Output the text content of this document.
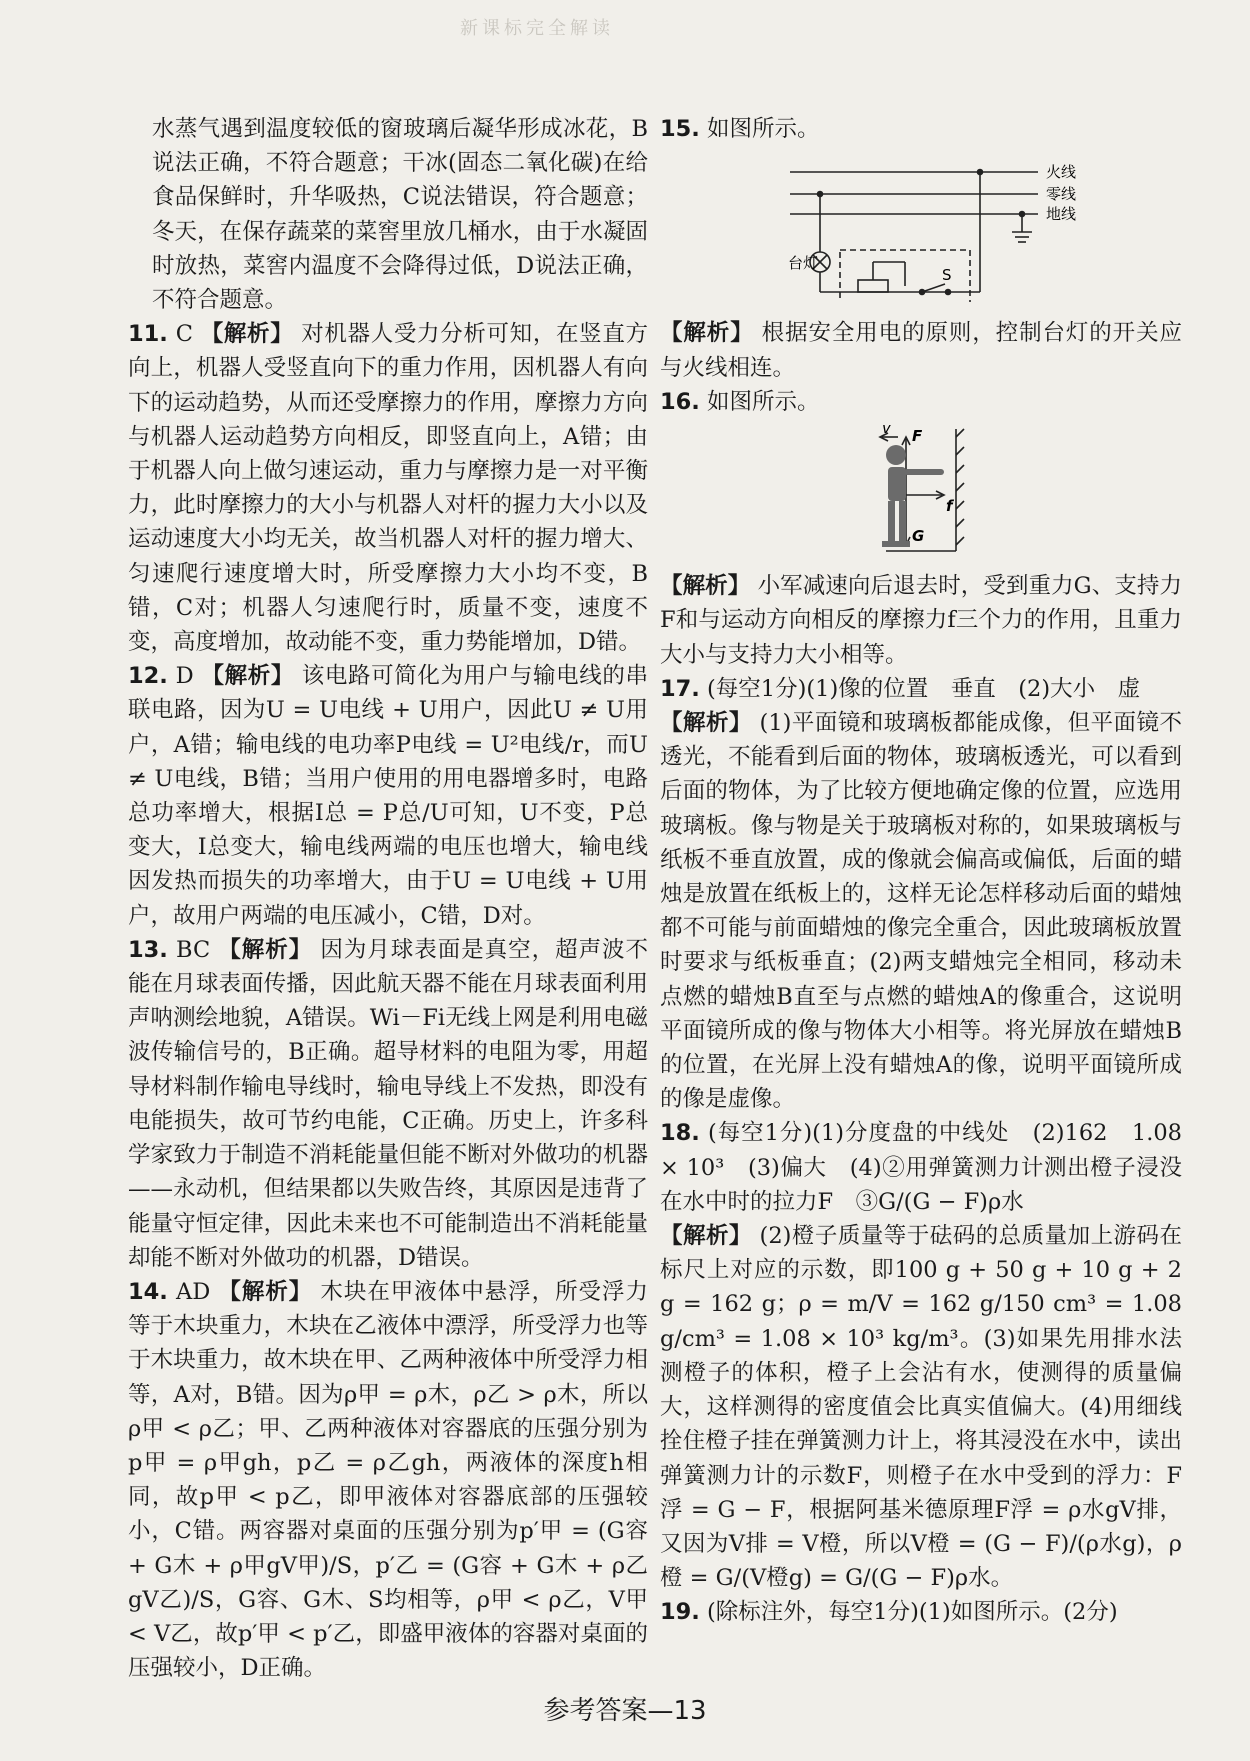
新课标完全解读

水蒸气遇到温度较低的窗玻璃后凝华形成冰花，B说法正确，不符合题意；干冰(固态二氧化碳)在给食品保鲜时，升华吸热，C说法错误，符合题意；冬天，在保存蔬菜的菜窖里放几桶水，由于水凝固时放热，菜窖内温度不会降得过低，D说法正确，不符合题意。

11. C 【解析】 对机器人受力分析可知，在竖直方向上，机器人受竖直向下的重力作用，因机器人有向下的运动趋势，从而还受摩擦力的作用，摩擦力方向与机器人运动趋势方向相反，即竖直向上，A错；由于机器人向上做匀速运动，重力与摩擦力是一对平衡力，此时摩擦力的大小与机器人对杆的握力大小以及运动速度大小均无关，故当机器人对杆的握力增大、匀速爬行速度增大时，所受摩擦力大小均不变，B错，C对；机器人匀速爬行时，质量不变，速度不变，高度增加，故动能不变，重力势能增加，D错。

12. D 【解析】 该电路可简化为用户与输电线的串联电路，因为U = U电线 + U用户，因此U ≠ U用户，A错；输电线的电功率P电线 = U²电线/r，而U ≠ U电线，B错；当用户使用的用电器增多时，电路总功率增大，根据I总 = P总/U可知，U不变，P总变大，I总变大，输电线两端的电压也增大，输电线因发热而损失的功率增大，由于U = U电线 + U用户，故用户两端的电压减小，C错，D对。

13. BC 【解析】 因为月球表面是真空，超声波不能在月球表面传播，因此航天器不能在月球表面利用声呐测绘地貌，A错误。Wi－Fi无线上网是利用电磁波传输信号的，B正确。超导材料的电阻为零，用超导材料制作输电导线时，输电导线上不发热，即没有电能损失，故可节约电能，C正确。历史上，许多科学家致力于制造不消耗能量但能不断对外做功的机器——永动机，但结果都以失败告终，其原因是违背了能量守恒定律，因此未来也不可能制造出不消耗能量却能不断对外做功的机器，D错误。

14. AD 【解析】 木块在甲液体中悬浮，所受浮力等于木块重力，木块在乙液体中漂浮，所受浮力也等于木块重力，故木块在甲、乙两种液体中所受浮力相等，A对，B错。因为ρ甲 = ρ木，ρ乙 > ρ木，所以ρ甲 < ρ乙；甲、乙两种液体对容器底的压强分别为p甲 = ρ甲gh，p乙 = ρ乙gh，两液体的深度h相同，故p甲 < p乙，即甲液体对容器底部的压强较小，C错。两容器对桌面的压强分别为p′甲 = (G容 + G木 + ρ甲gV甲)/S，p′乙 = (G容 + G木 + ρ乙gV乙)/S，G容、G木、S均相等，ρ甲 < ρ乙，V甲 < V乙，故p′甲 < p′乙，即盛甲液体的容器对桌面的压强较小，D正确。

15. 如图所示。

火线
零线
地线
台灯
S

【解析】 根据安全用电的原则，控制台灯的开关应与火线相连。

16. 如图所示。

v F
f
G

【解析】 小军减速向后退去时，受到重力G、支持力F和与运动方向相反的摩擦力f三个力的作用，且重力大小与支持力大小相等。

17. (每空1分)(1)像的位置　垂直　(2)大小　虚

【解析】 (1)平面镜和玻璃板都能成像，但平面镜不透光，不能看到后面的物体，玻璃板透光，可以看到后面的物体，为了比较方便地确定像的位置，应选用玻璃板。像与物是关于玻璃板对称的，如果玻璃板与纸板不垂直放置，成的像就会偏高或偏低，后面的蜡烛是放置在纸板上的，这样无论怎样移动后面的蜡烛都不可能与前面蜡烛的像完全重合，因此玻璃板放置时要求与纸板垂直；(2)两支蜡烛完全相同，移动未点燃的蜡烛B直至与点燃的蜡烛A的像重合，这说明平面镜所成的像与物体大小相等。将光屏放在蜡烛B的位置，在光屏上没有蜡烛A的像，说明平面镜所成的像是虚像。

18. (每空1分)(1)分度盘的中线处　(2)162　1.08 × 10³　(3)偏大　(4)②用弹簧测力计测出橙子浸没在水中时的拉力F　③G/(G − F)ρ水

【解析】 (2)橙子质量等于砝码的总质量加上游码在标尺上对应的示数，即100 g + 50 g + 10 g + 2 g = 162 g；ρ = m/V = 162 g/150 cm³ = 1.08 g/cm³ = 1.08 × 10³ kg/m³。(3)如果先用排水法测橙子的体积，橙子上会沾有水，使测得的质量偏大，这样测得的密度值会比真实值偏大。(4)用细线拴住橙子挂在弹簧测力计上，将其浸没在水中，读出弹簧测力计的示数F，则橙子在水中受到的浮力：F浮 = G − F，根据阿基米德原理F浮 = ρ水gV排，又因为V排 = V橙，所以V橙 = (G − F)/(ρ水g)，ρ橙 = G/(V橙g) = G/(G − F)ρ水。

19. (除标注外，每空1分)(1)如图所示。(2分)

参考答案—13
